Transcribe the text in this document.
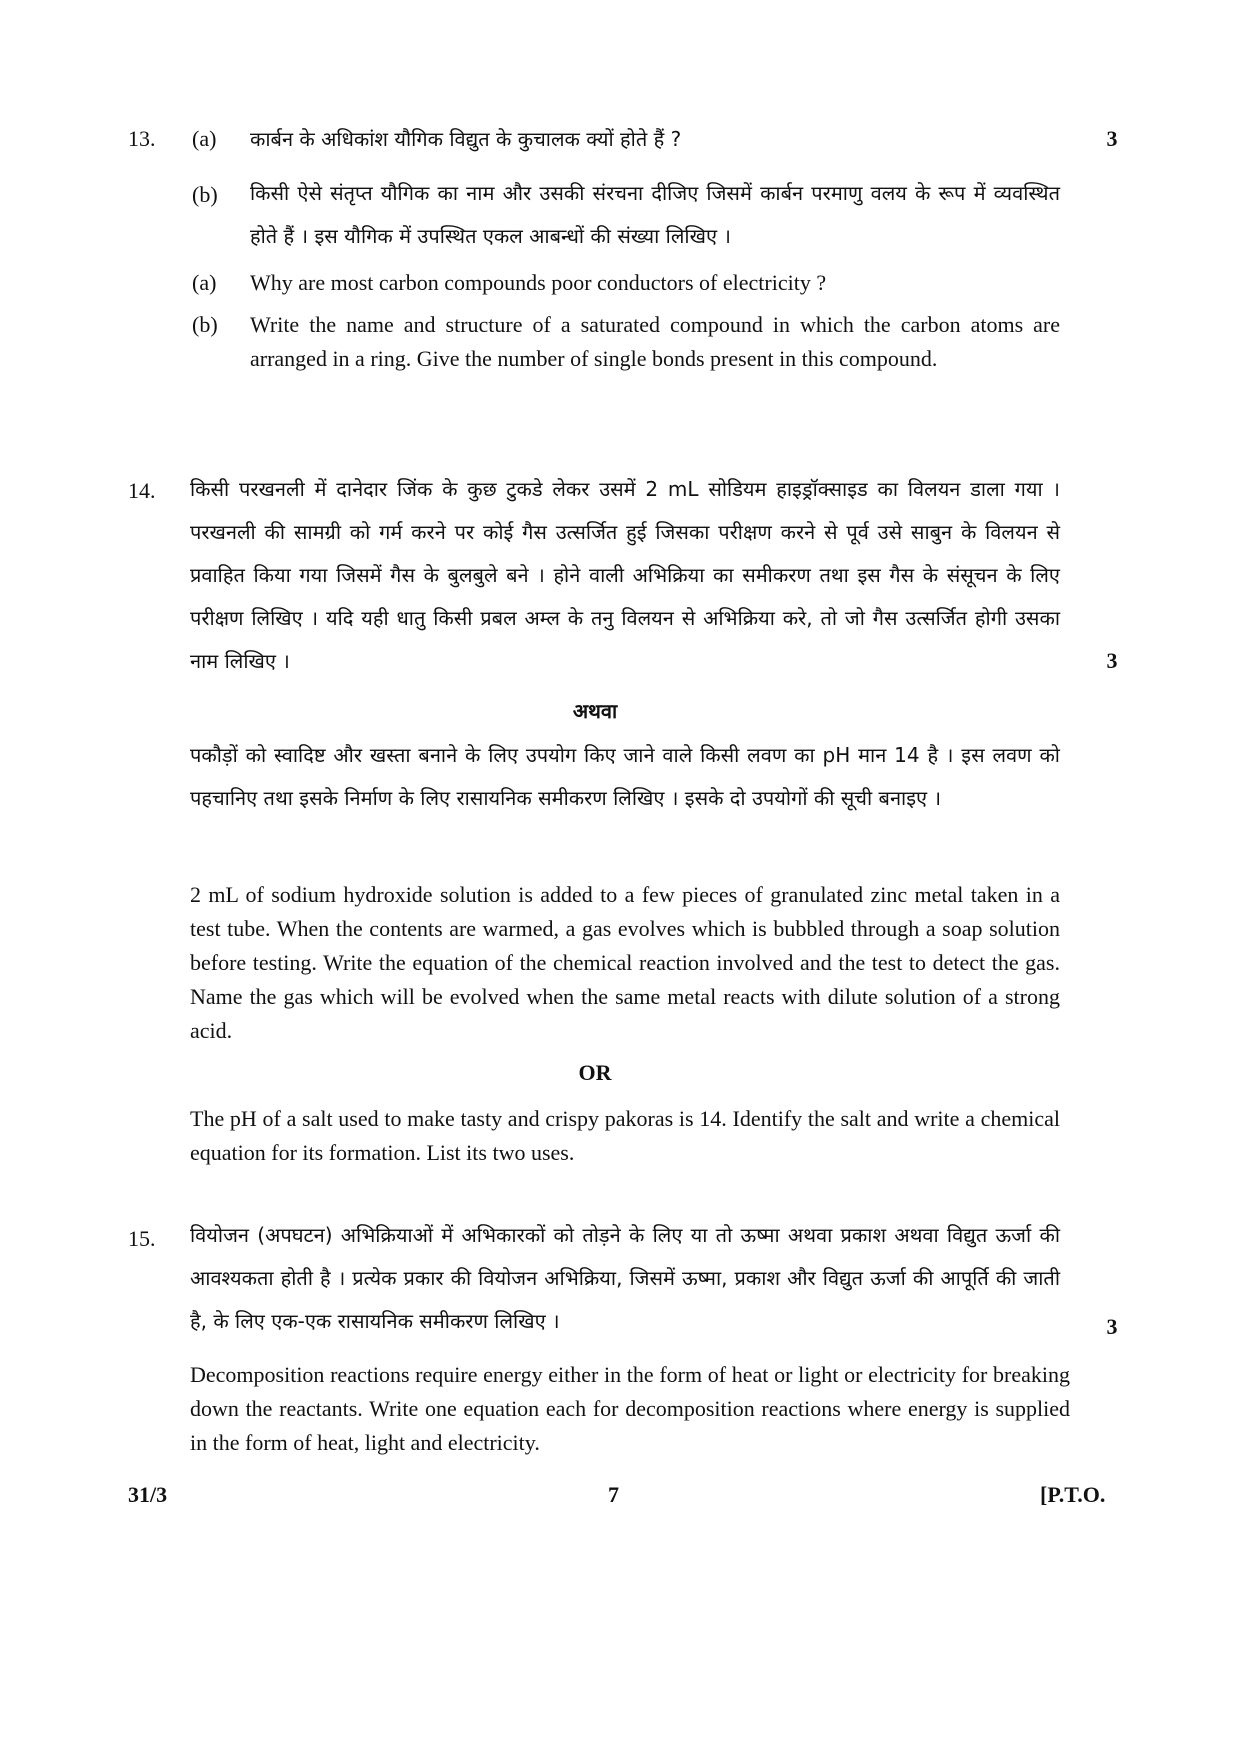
13. (a) कार्बन के अधिकांश यौगिक विद्युत के कुचालक क्यों होते हैं ?	3
(b) किसी ऐसे संतृप्त यौगिक का नाम और उसकी संरचना दीजिए जिसमें कार्बन परमाणु वलय के रूप में व्यवस्थित होते हैं । इस यौगिक में उपस्थित एकल आबन्धों की संख्या लिखिए ।
(a) Why are most carbon compounds poor conductors of electricity ?
(b) Write the name and structure of a saturated compound in which the carbon atoms are arranged in a ring. Give the number of single bonds present in this compound.
14. किसी परखनली में दानेदार जिंक के कुछ टुकडे लेकर उसमें 2 mL सोडियम हाइड्रॉक्साइड का विलयन डाला गया । परखनली की सामग्री को गर्म करने पर कोई गैस उत्सर्जित हुई जिसका परीक्षण करने से पूर्व उसे साबुन के विलयन से प्रवाहित किया गया जिसमें गैस के बुलबुले बने । होने वाली अभिक्रिया का समीकरण तथा इस गैस के संसूचन के लिए परीक्षण लिखिए । यदि यही धातु किसी प्रबल अम्ल के तनु विलयन से अभिक्रिया करे, तो जो गैस उत्सर्जित होगी उसका नाम लिखिए ।	3
अथवा
पकौड़ों को स्वादिष्ट और खस्ता बनाने के लिए उपयोग किए जाने वाले किसी लवण का pH मान 14 है । इस लवण को पहचानिए तथा इसके निर्माण के लिए रासायनिक समीकरण लिखिए । इसके दो उपयोगों की सूची बनाइए ।
2 mL of sodium hydroxide solution is added to a few pieces of granulated zinc metal taken in a test tube. When the contents are warmed, a gas evolves which is bubbled through a soap solution before testing. Write the equation of the chemical reaction involved and the test to detect the gas. Name the gas which will be evolved when the same metal reacts with dilute solution of a strong acid.
OR
The pH of a salt used to make tasty and crispy pakoras is 14. Identify the salt and write a chemical equation for its formation. List its two uses.
15. वियोजन (अपघटन) अभिक्रियाओं में अभिकारकों को तोड़ने के लिए या तो ऊष्मा अथवा प्रकाश अथवा विद्युत ऊर्जा की आवश्यकता होती है । प्रत्येक प्रकार की वियोजन अभिक्रिया, जिसमें ऊष्मा, प्रकाश और विद्युत ऊर्जा की आपूर्ति की जाती है, के लिए एक-एक रासायनिक समीकरण लिखिए ।	3
Decomposition reactions require energy either in the form of heat or light or electricity for breaking down the reactants. Write one equation each for decomposition reactions where energy is supplied in the form of heat, light and electricity.
31/3	7	[P.T.O.
